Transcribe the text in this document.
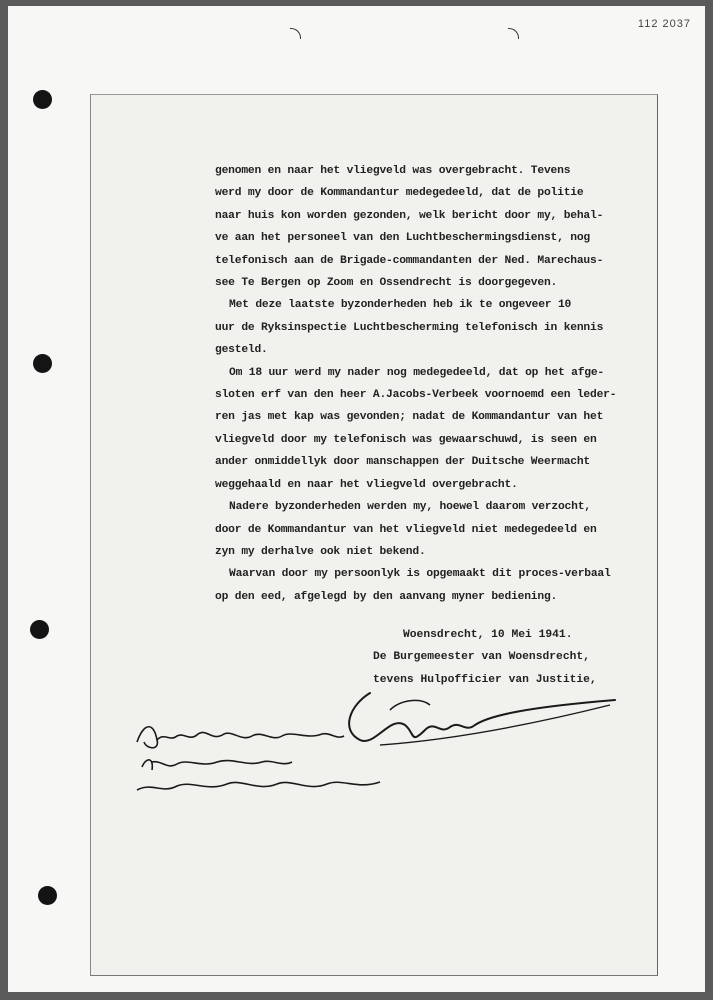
112 2037

genomen en naar het vliegveld was overgebracht. Tevens

werd my door de Kommandantur medegedeeld, dat de politie

naar huis kon worden gezonden, welk bericht door my, behal-

ve aan het personeel van den Luchtbeschermingsdienst, nog

telefonisch aan de Brigade-commandanten der Ned. Marechaus-

see Te Bergen op Zoom en Ossendrecht is doorgegeven.

Met deze laatste byzonderheden heb ik te ongeveer 10

uur de Ryksinspectie Luchtbescherming telefonisch in kennis

gesteld.

Om 18 uur werd my nader nog medegedeeld, dat op het afge-

sloten erf van den heer A.Jacobs-Verbeek voornoemd een leder-

ren jas met kap was gevonden; nadat de Kommandantur van het

vliegveld door my telefonisch was gewaarschuwd, is seen en

ander onmiddellyk door manschappen der Duitsche Weermacht

weggehaald en naar het vliegveld overgebracht.

Nadere byzonderheden werden my, hoewel daarom verzocht,

door de Kommandantur van het vliegveld niet medegedeeld en

zyn my derhalve ook niet bekend.

Waarvan door my persoonlyk is opgemaakt dit proces-verbaal

op den eed, afgelegd by den aanvang myner bediening.

Woensdrecht, 10 Mei 1941.
De Burgemeester van Woensdrecht,
tevens Hulpofficier van Justitie,
